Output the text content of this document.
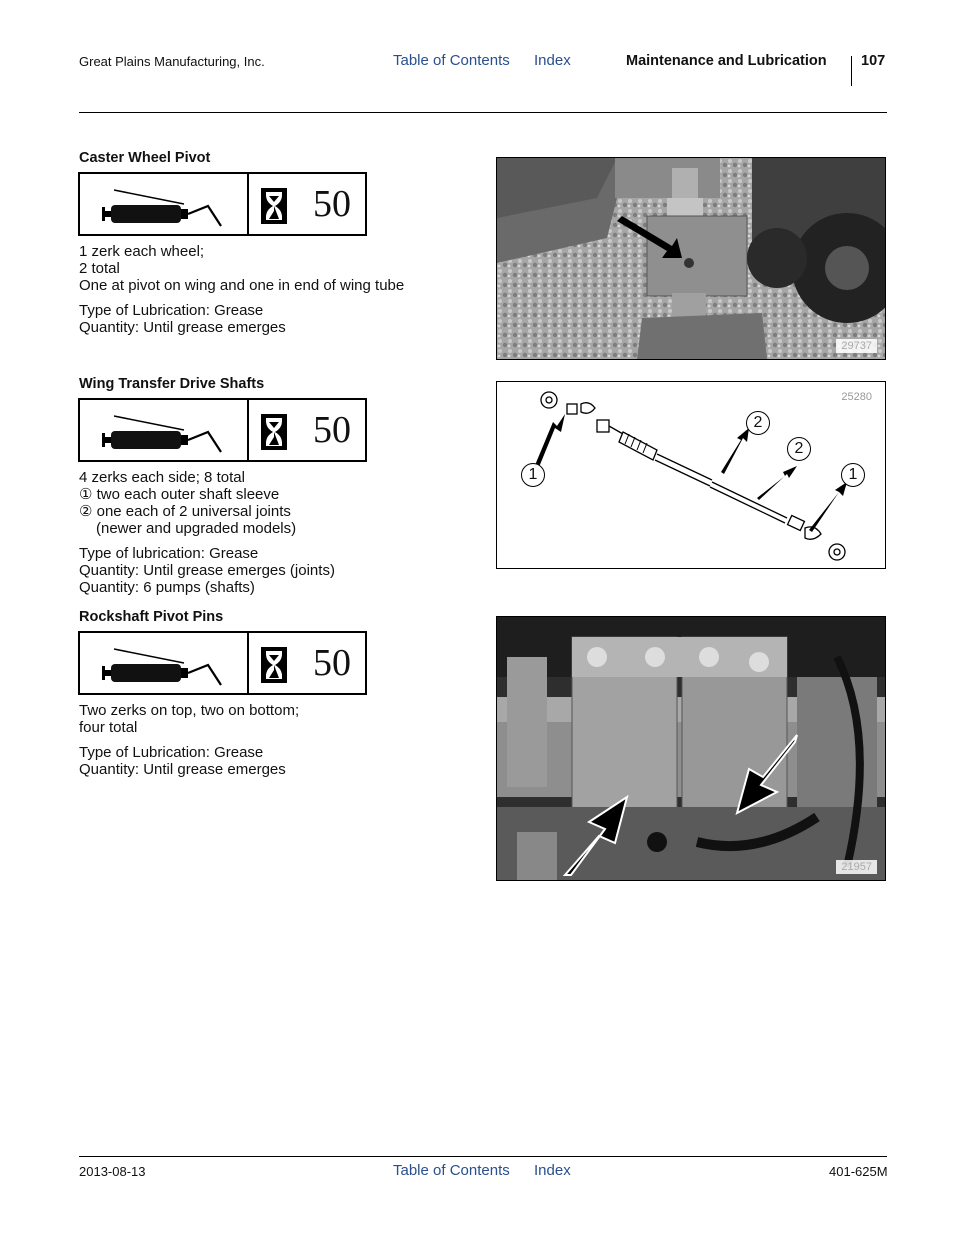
Great Plains Manufacturing, Inc.	Table of Contents Index	Maintenance and Lubrication 107
Caster Wheel Pivot
50

1 zerk each wheel;

2 total

One at pivot on wing and one in end of wing tube

Type of Lubrication: Grease

Quantity: Until grease emerges

29737
Wing Transfer Drive Shafts
50

4 zerks each side; 8 total

① two each outer shaft sleeve

② one each of 2 universal joints

(newer and upgraded models)

Type of lubrication: Grease

Quantity: Until grease emerges (joints)

Quantity: 6 pumps (shafts)

1
2
2
1
25280
Rockshaft Pivot Pins
50

Two zerks on top, two on bottom;

four total

Type of Lubrication: Grease

Quantity: Until grease emerges

21957
2013-08-13	Table of Contents Index	401-625M
